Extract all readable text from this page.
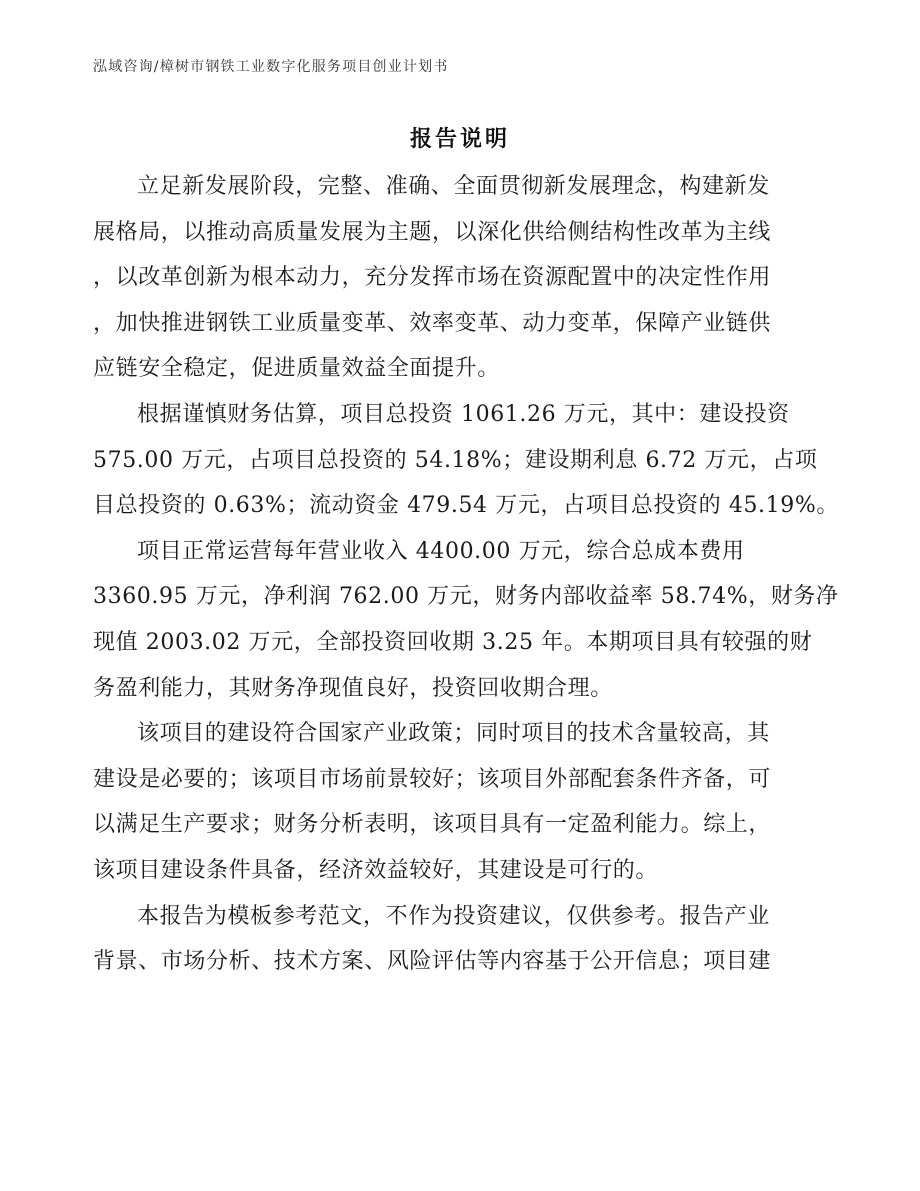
泓域咨询/樟树市钢铁工业数字化服务项目创业计划书
报告说明
立足新发展阶段，完整、准确、全面贯彻新发展理念，构建新发
展格局，以推动高质量发展为主题，以深化供给侧结构性改革为主线
，以改革创新为根本动力，充分发挥市场在资源配置中的决定性作用
，加快推进钢铁工业质量变革、效率变革、动力变革，保障产业链供
应链安全稳定，促进质量效益全面提升。
根据谨慎财务估算，项目总投资 1061.26 万元，其中：建设投资
575.00 万元，占项目总投资的 54.18%；建设期利息 6.72 万元，占项
目总投资的 0.63%；流动资金 479.54 万元，占项目总投资的 45.19%。
项目正常运营每年营业收入 4400.00 万元，综合总成本费用
3360.95 万元，净利润 762.00 万元，财务内部收益率 58.74%，财务净
现值 2003.02 万元，全部投资回收期 3.25 年。本期项目具有较强的财
务盈利能力，其财务净现值良好，投资回收期合理。
该项目的建设符合国家产业政策；同时项目的技术含量较高，其
建设是必要的；该项目市场前景较好；该项目外部配套条件齐备，可
以满足生产要求；财务分析表明，该项目具有一定盈利能力。综上，
该项目建设条件具备，经济效益较好，其建设是可行的。
本报告为模板参考范文，不作为投资建议，仅供参考。报告产业
背景、市场分析、技术方案、风险评估等内容基于公开信息；项目建
